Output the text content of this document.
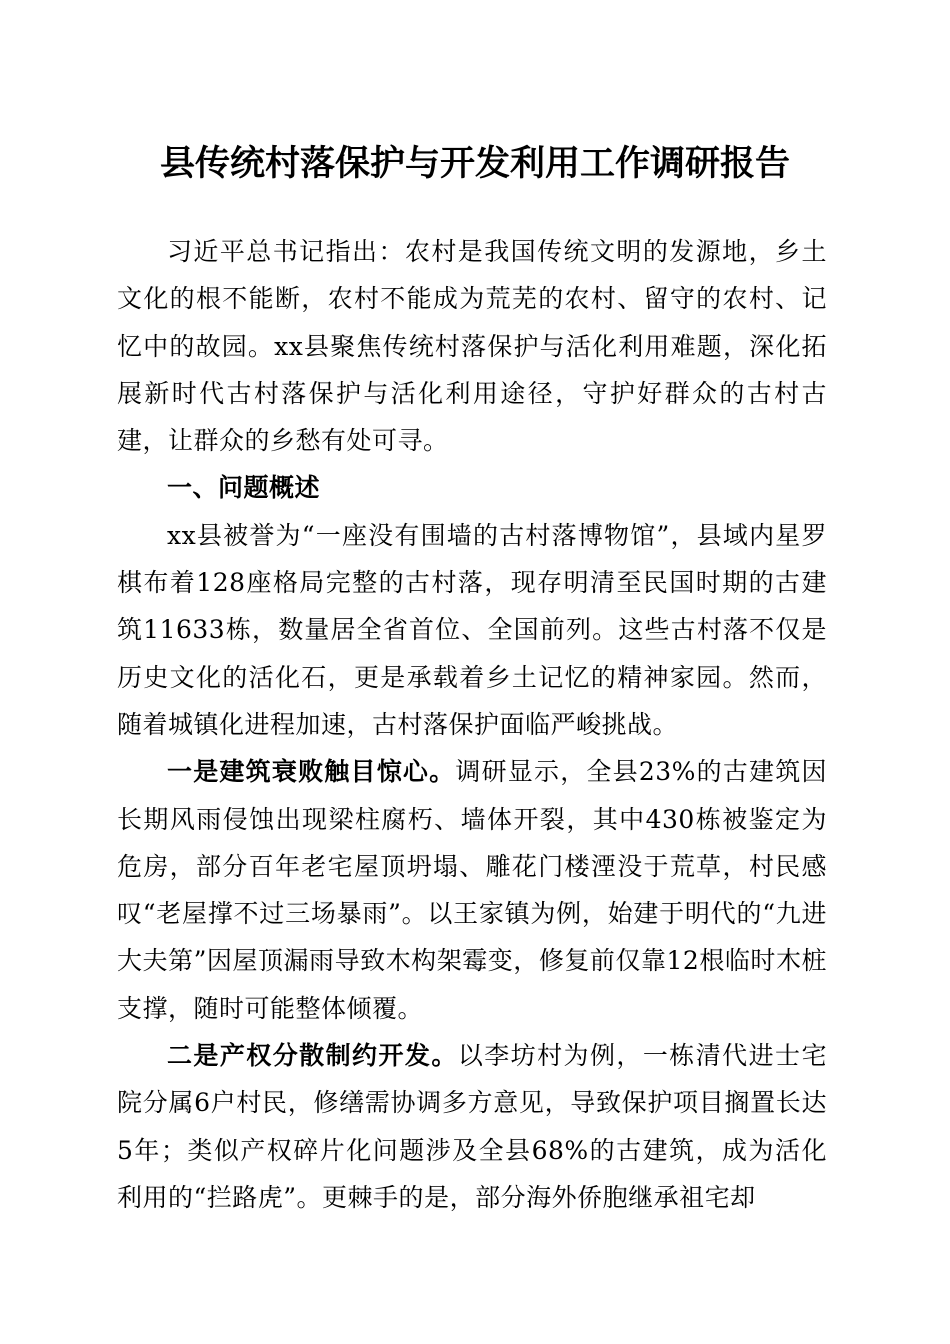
县传统村落保护与开发利用工作调研报告

习近平总书记指出：农村是我国传统文明的发源地，乡土文化的根不能断，农村不能成为荒芜的农村、留守的农村、记忆中的故园。xx县聚焦传统村落保护与活化利用难题，深化拓展新时代古村落保护与活化利用途径，守护好群众的古村古建，让群众的乡愁有处可寻。

一、问题概述

xx县被誉为“一座没有围墙的古村落博物馆”，县域内星罗棋布着128座格局完整的古村落，现存明清至民国时期的古建筑11633栋，数量居全省首位、全国前列。这些古村落不仅是历史文化的活化石，更是承载着乡土记忆的精神家园。然而，随着城镇化进程加速，古村落保护面临严峻挑战。

一是建筑衰败触目惊心。调研显示，全县23%的古建筑因长期风雨侵蚀出现梁柱腐朽、墙体开裂，其中430栋被鉴定为危房，部分百年老宅屋顶坍塌、雕花门楼湮没于荒草，村民感叹“老屋撑不过三场暴雨”。以王家镇为例，始建于明代的“九进大夫第”因屋顶漏雨导致木构架霉变，修复前仅靠12根临时木桩支撑，随时可能整体倾覆。

二是产权分散制约开发。以李坊村为例，一栋清代进士宅院分属6户村民，修缮需协调多方意见，导致保护项目搁置长达5年；类似产权碎片化问题涉及全县68%的古建筑，成为活化利用的“拦路虎”。更棘手的是，部分海外侨胞继承祖宅却
